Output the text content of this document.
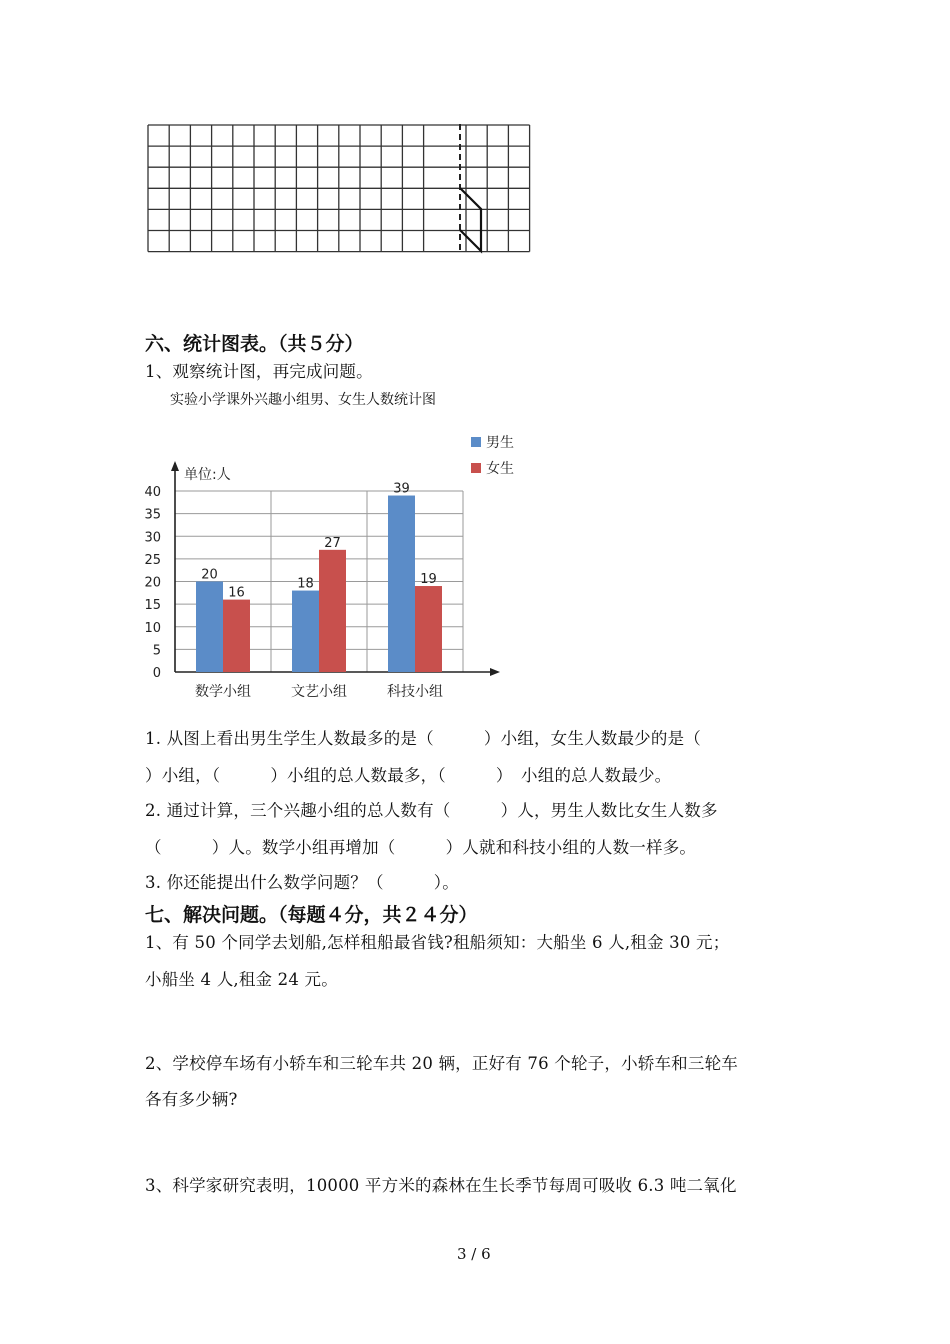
六、统计图表。（共５分）
1、观察统计图，再完成问题。
实验小学课外兴趣小组男、女生人数统计图
0
5
10
15
20
25
30
35
40
20
16
数学小组
18
27
文艺小组
39
19
科技小组
男生
女生
单位:人
1. 从图上看出男生学生人数最多的是（　　　）小组，女生人数最少的是（
）小组，（　　　）小组的总人数最多，（　　　）　小组的总人数最少。
2. 通过计算，三个兴趣小组的总人数有（　　　）人，男生人数比女生人数多
（　　　）人。数学小组再增加（　　　）人就和科技小组的人数一样多。
3. 你还能提出什么数学问题？（　　　）。
七、解决问题。（每题４分，共２４分）
1、有 50 个同学去划船,怎样租船最省钱?租船须知：大船坐 6 人,租金 30 元；
小船坐 4 人,租金 24 元。
2、学校停车场有小轿车和三轮车共 20 辆，正好有 76 个轮子，小轿车和三轮车
各有多少辆?
3、科学家研究表明，10000 平方米的森林在生长季节每周可吸收 6.3 吨二氧化
3 / 6
